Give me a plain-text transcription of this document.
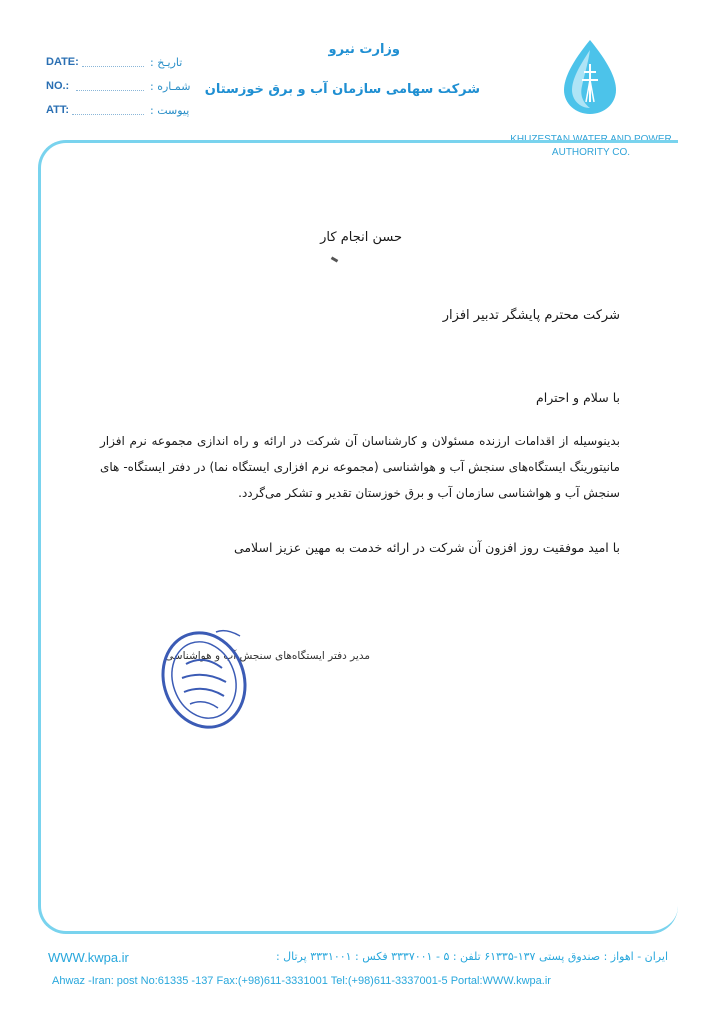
DATE:	تاریـخ :
NO.:	شمـاره :
ATT:	پیوست :
وزارت نیرو
شرکت سهامی سازمان آب و برق خوزستان
KHUZESTAN WATER AND POWER
AUTHORITY CO.
حسن انجام کار
شرکت محترم پایشگر تدبیر افزار
با سلام و احترام
بدینوسیله از اقدامات ارزنده مسئولان و کارشناسان آن شرکت در ارائه و راه اندازی مجموعه نرم افزار مانیتورینگ ایستگاه‌های سنجش آب و هواشناسی (مجموعه نرم افزاری ایستگاه نما) در دفتر ایستگاه- های سنجش آب و هواشناسی سازمان آب و برق خوزستان تقدیر و تشکر می‌گردد.
با امید موفقیت روز افزون آن شرکت در ارائه خدمت به مهین عزیز اسلامی
مدیر دفتر ایستگاه‌های سنجش آب و هواشناسی
WWW.kwpa.ir	ایران - اهواز : صندوق پستی ۱۳۷-۶۱۳۳۵ تلفن : ۵ - ۳۳۳۷۰۰۱ فکس : ۳۳۳۱۰۰۱ پرتال :
Ahwaz -Iran: post No:61335 -137 Fax:(+98)611-3331001 Tel:(+98)611-3337001-5 Portal:WWW.kwpa.ir
